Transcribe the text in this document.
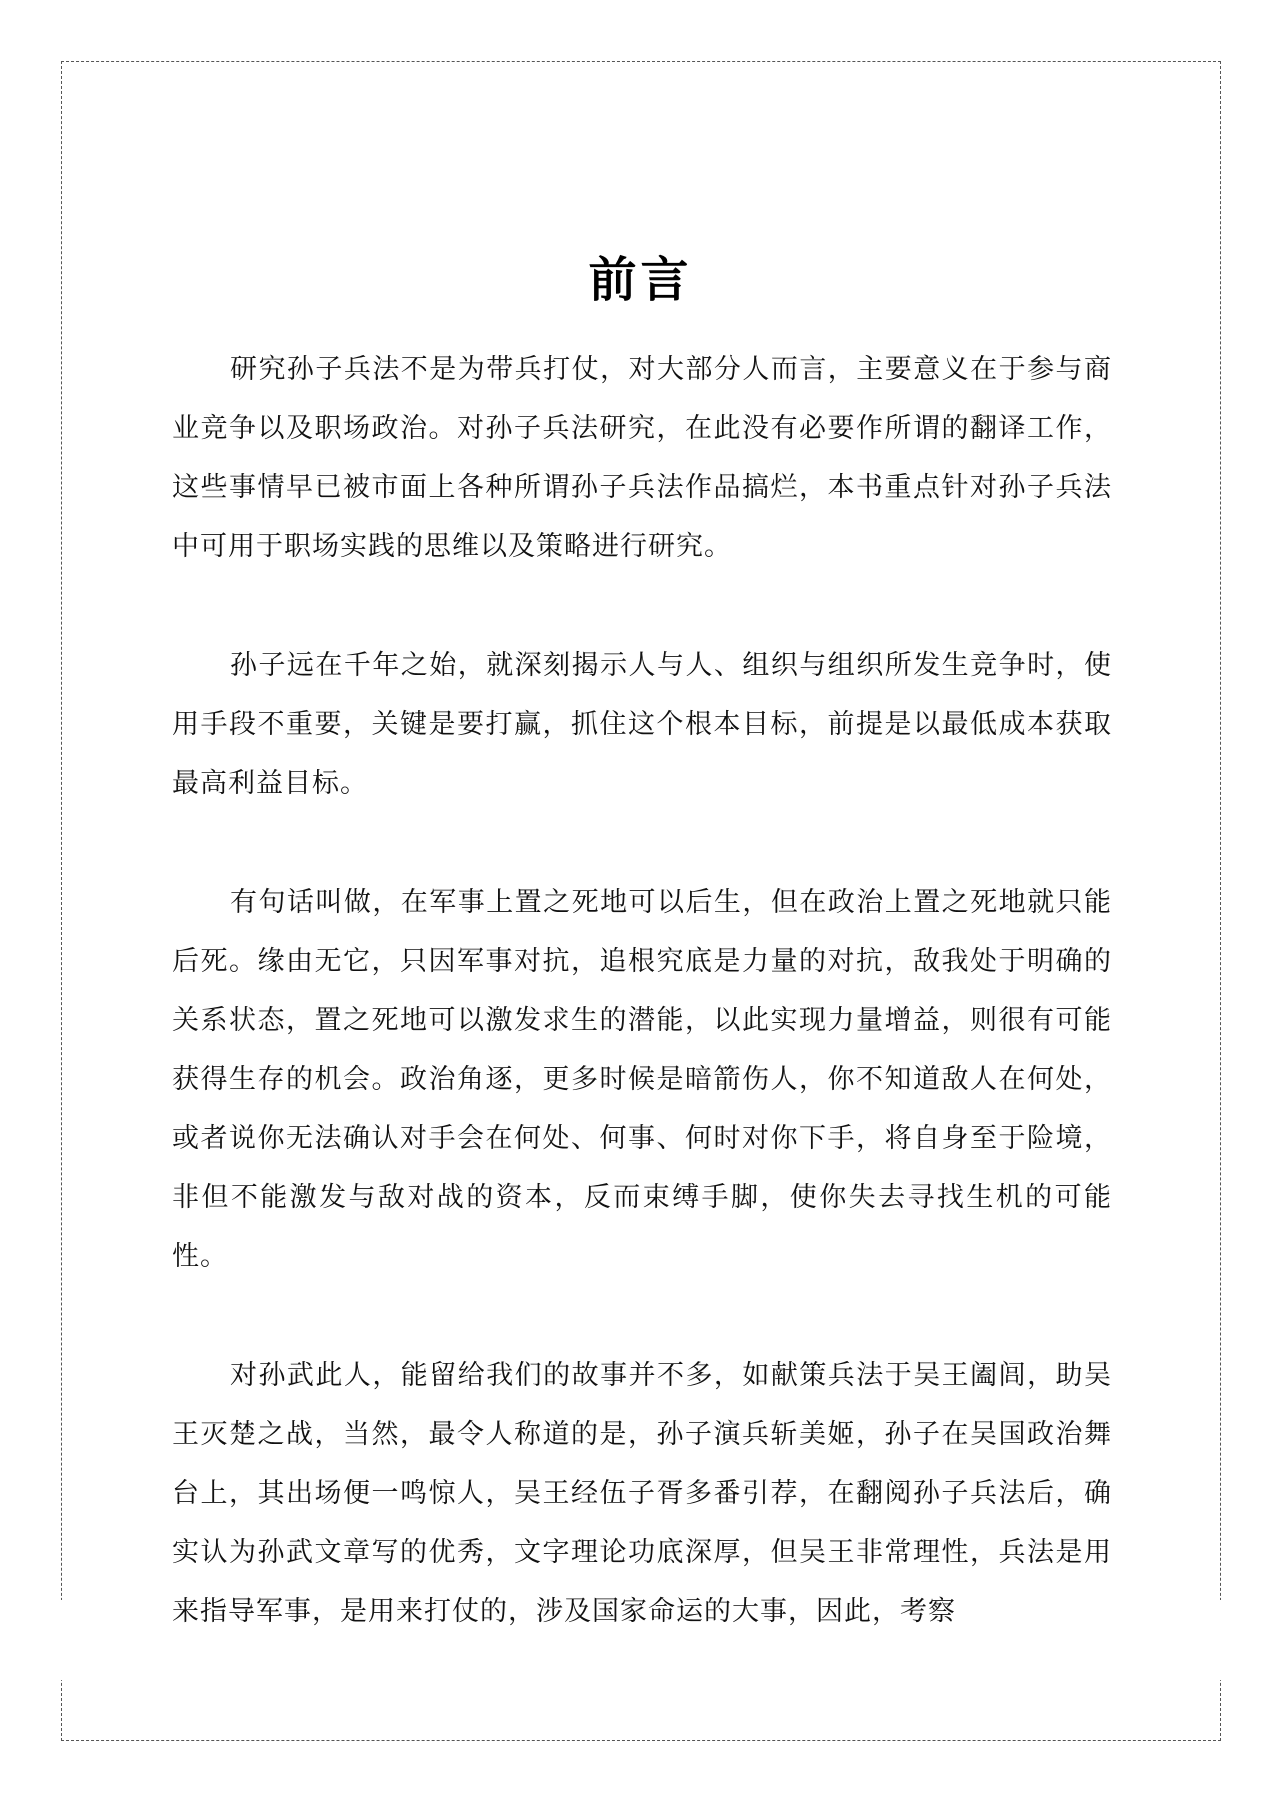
前言

研究孙子兵法不是为带兵打仗，对大部分人而言，主要意义在于参与商业竞争以及职场政治。对孙子兵法研究，在此没有必要作所谓的翻译工作，这些事情早已被市面上各种所谓孙子兵法作品搞烂，本书重点针对孙子兵法中可用于职场实践的思维以及策略进行研究。

孙子远在千年之始，就深刻揭示人与人、组织与组织所发生竞争时，使用手段不重要，关键是要打赢，抓住这个根本目标，前提是以最低成本获取最高利益目标。

有句话叫做，在军事上置之死地可以后生，但在政治上置之死地就只能后死。缘由无它，只因军事对抗，追根究底是力量的对抗，敌我处于明确的关系状态，置之死地可以激发求生的潜能，以此实现力量增益，则很有可能获得生存的机会。政治角逐，更多时候是暗箭伤人，你不知道敌人在何处，或者说你无法确认对手会在何处、何事、何时对你下手，将自身至于险境，非但不能激发与敌对战的资本，反而束缚手脚，使你失去寻找生机的可能性。

对孙武此人，能留给我们的故事并不多，如献策兵法于吴王阖闾，助吴王灭楚之战，当然，最令人称道的是，孙子演兵斩美姬，孙子在吴国政治舞台上，其出场便一鸣惊人，吴王经伍子胥多番引荐，在翻阅孙子兵法后，确实认为孙武文章写的优秀，文字理论功底深厚，但吴王非常理性，兵法是用来指导军事，是用来打仗的，涉及国家命运的大事，因此，考察
